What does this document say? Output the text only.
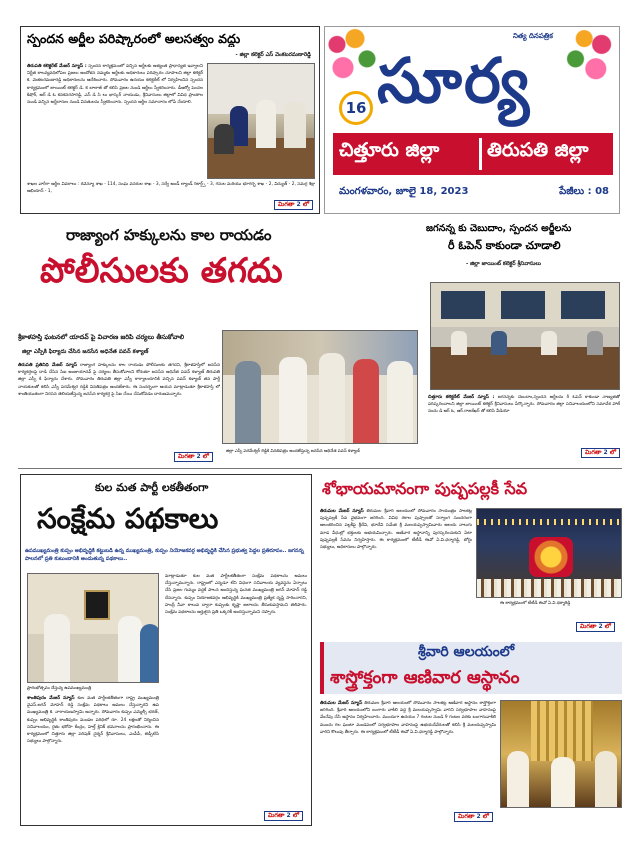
స్పందన అర్జీల పరిష్కారంలో అలసత్వం వద్దు
- జిల్లా కలెక్టర్ ఎస్ వెంకటరమణారెడ్డి
తిరుపతి కలెక్టరేట్ మేజర్ న్యూస్ : స్పందన కార్యక్రమంలో వచ్చిన అర్జీలకు అత్యంత ప్రాధాన్యత ఇవ్వాలని నిర్ణీత కాలవ్యవధిలోపల ప్రజలు ఆందోళన నమ్మకం అర్జీలకు అధికారులు పరిష్కారం చూపాలని జిల్లా కలెక్టర్ కె. వెంకటరమణారెడ్డి అధికారులను ఆదేశించారు. సోమవారం ఉదయం కలెక్టరేట్ లో నిర్వహించిన స్పందన కార్యక్రమంలో జాయింట్ కలెక్టర్ డి. కె బాలాజీ తో కలిసి ప్రజల నుండి అర్జీలు స్వీకరించారు. డీఆర్వో పెంచల కిషోర్, ఆర్ డి ఓ కనకనరసారెడ్డి, ఎస్ డి సి లు భాస్కర్ నాయుడు, శ్రీనివాసులు జిల్లాలో వివిధ ప్రాంతాల నుండి వచ్చిన అర్జీదారుల నుండి వినతులను స్వీకరించారు. స్పందన అర్జీల సమాచారం లోపే చేయాలి.
శాఖల వారీగా అర్జీల వివరాలు : రెవెన్యూ శాఖ - 114, సంఘ వనరుల శాఖ - 3, సర్వే అండ్ ల్యాండ్ రికార్డ్స్ - 3, గనుల మరియు భూగర్భ శాఖ - 2, విద్యుత్ - 2, సమగ్ర శిక్షా అభియాన్ - 1,
మిగతా 2 లో
నిత్య దినపత్రిక
16 సూర్య
చిత్తూరు జిల్లా	తిరుపతి జిల్లా
మంగళవారం, జూలై 18, 2023	పేజీలు : 08
రాజ్యాంగ హక్కులను కాల రాయడం
పోలీసులకు తగదు
శ్రీకాళహస్తి ఘటనలో యాదవ్ పై విచారణ జరిపి చర్యలు తీసుకోవాలి
జిల్లా ఎస్పీకి ఫిర్యాదు చేసిన జనసేన అధినేత పవన్ కళ్యాణ్
తిరుపతి ప్రతినిధి మేజర్ న్యూస్ రాజ్యాంగ హక్కులను కాల రాయడం పోలీసులకు తగదని, శ్రీకాళహస్తిలో జనసేన కార్యకర్తలపై దాడి చేసిన సిఐ అంజుయాదవ్ పై చర్యలు తీసుకోవాలని కోరుతూ జనసేన అధినేత పవన్ కళ్యాణ్ తిరుపతి జిల్లా ఎస్పీ కి ఫిర్యాదు చేశారు. సోమవారం తిరుపతి జిల్లా ఎస్పీ కార్యాలయానికి వచ్చిన పవన్ కళ్యాణ్ తన పార్టీ నాయకులతో కలిసి ఎస్పీ పరమేశ్వర రెడ్డికి వినతిపత్రం అందజేశారు. ఈ సందర్భంగా ఆయన మాట్లాడుతూ శ్రీకాళహస్తి లో శాంతియుతంగా నిరసన తెలియజేస్తున్న జనసేన కార్యకర్త పై సిఐ చేయి చేసుకోవడం దారుణమన్నారు.
మిగతా 2 లో
జిల్లా ఎస్పీ పరమేశ్వర్ రెడ్డికి వినతిపత్రం అందజేస్తున్న జనసేన అధినేత పవన్ కళ్యాణ్
జగనన్న కు చెబుదాం, స్పందన అర్జీలను
రీ ఓపెన్ కాకుండా చూడాలి
- జిల్లా జాయింట్ కలెక్టర్ శ్రీనివాసులు
చిత్తూరు కలెక్టరేట్ మేజర్ న్యూస్ : జగనన్నకు చెబుదాం,స్పందన అర్జీలను రీ ఓపెన్ కాకుండా నాణ్యతతో పరిష్కరించాలని జిల్లా జాయింట్ కలెక్టర్ శ్రీనివాసులు పేర్కొన్నారు. సోమవారం జిల్లా సచివాలయంలోని సమావేశ హాల్ నందు డి ఆర్ ఓ, ఆర్.రాజశేఖర్ తో కలిసి వీడియో
మిగతా 2 లో
కుల మత పార్టీ లకతీతంగా
సంక్షేమ పథకాలు
ఉపముఖ్యమంత్రి కుప్పం అభివృద్ధికి కట్టుబడి ఉన్న ముఖ్యమంత్రి, కుప్పం నియోజకవర్గ అభివృద్ధికి చేసిన ప్రభుత్వ పెద్దల ప్రతిరూపం.. జగనన్న పాలనలో ప్రతి కుటుంబానికి అందుతున్న పథకాలు..
ప్రారంభోత్సవం చేస్తున్న ఉపముఖ్యమంత్రి
శాంతిపురం మేజర్ న్యూస్ కుల మత పార్టీలకతీతంగా రాష్ట్ర ముఖ్యమంత్రి వైఎస్.జగన్ మోహన్ రెడ్డి సంక్షేమ పథకాలు అమలు చేస్తున్నారని ఉప ముఖ్యమంత్రి కె. నారాయణస్వామి అన్నారు. సోమవారం కుప్పం ఎమ్మెల్సీ భరత్, కుప్పం అభివృద్ధికి శాంతిపురం మండల పరిధిలో రూ. 24 లక్షలతో నిర్మించిన సచివాలయం, రైతు భరోసా కేంద్రం, హెల్త్ క్లినిక్ భవనాలను ప్రారంభించారు. ఈ కార్యక్రమంలో చిత్తూరు జిల్లా పరిషత్ చైర్మన్ శ్రీనివాసులు, ఎంపీపీ, జెడ్పీటిసి సభ్యులు పాల్గొన్నారు.
మాట్లాడుతూ కుల మత పార్టీలకతీతంగా సంక్షేమ పథకాలను అమలు చేస్తున్నామన్నారు. రాష్ట్రంలో ఎన్నడూ లేని విధంగా సచివాలయ వ్యవస్థను ఏర్పాటు చేసి ప్రజల గుమ్మం వద్దకే పాలన అందిస్తున్న ఘనత ముఖ్యమంత్రి జగన్ మోహన్ రెడ్డి దేనన్నారు. కుప్పం నియోజకవర్గం అభివృద్ధికి ముఖ్యమంత్రి ప్రత్యేక దృష్టి సారించారని, హంద్రీ నీవా కాలువ ద్వారా కుప్పంకు కృష్ణా జలాలను తీసుకువస్తామని తెలిపారు. సంక్షేమ పథకాలను అర్హులైన ప్రతి ఒక్కరికీ అందిస్తున్నామని చెప్పారు.
మిగతా 2 లో
శోభాయమానంగా పుష్పపల్లకీ సేవ
తిరుమల మేజర్ న్యూస్ తిరుమల శ్రీవారి ఆలయంలో సోమవారం సాయంత్రం సాలకట్ల పుష్పపల్లకీ సేవ వైభవంగా జరిగింది. వివిధ రకాల పుష్పాలతో సర్వాంగ సుందరంగా అలంకరించిన పల్లకీపై శ్రీదేవి, భూదేవి సమేత శ్రీ మలయప్పస్వామివారు ఆలయ నాలుగు మాడ వీధుల్లో భక్తులకు అభయమిచ్చారు. ఆణివార ఆస్థానాన్ని పురస్కరించుకుని ఏటా పుష్పపల్లకీ సేవను నిర్వహిస్తారు. ఈ కార్యక్రమంలో టీటీడీ ఈవో ఏ.వి.ధర్మారెడ్డి, బోర్డు సభ్యులు, అధికారులు పాల్గొన్నారు.
ఈ కార్యక్రమంలో టీటీడీ ఈవో ఏ.వి.ధర్మారెడ్డి
మిగతా 2 లో
శ్రీవారి ఆలయంలో
శాస్త్రోక్తంగా ఆణివార ఆస్థానం
తిరుమల మేజర్ న్యూస్ తిరుమల శ్రీవారి ఆలయంలో సోమవారం సాలకట్ల ఆణివార ఆస్థానం శాస్త్రోక్తంగా జరిగింది. శ్రీవారి ఆలయంలోని బంగారు వాకిలి వద్ద శ్రీ మలయప్పస్వామి వారిని సర్వభూపాల వాహనంపై వేంచేపు చేసి ఆస్థానం నిర్వహించారు. ముందుగా ఉదయం 7 గంటల నుండి 9 గంటల వరకు బంగారువాకిలి ముందు గల ఘంటా మండపంలో సర్వభూపాల వాహనంపై ఉభయదేవేరులతో కలిసి శ్రీ మలయప్పస్వామి వారిని కొలువు తీర్చారు. ఈ కార్యక్రమంలో టీటీడీ ఈవో ఏ.వి.ధర్మారెడ్డి పాల్గొన్నారు.
మిగతా 2 లో
